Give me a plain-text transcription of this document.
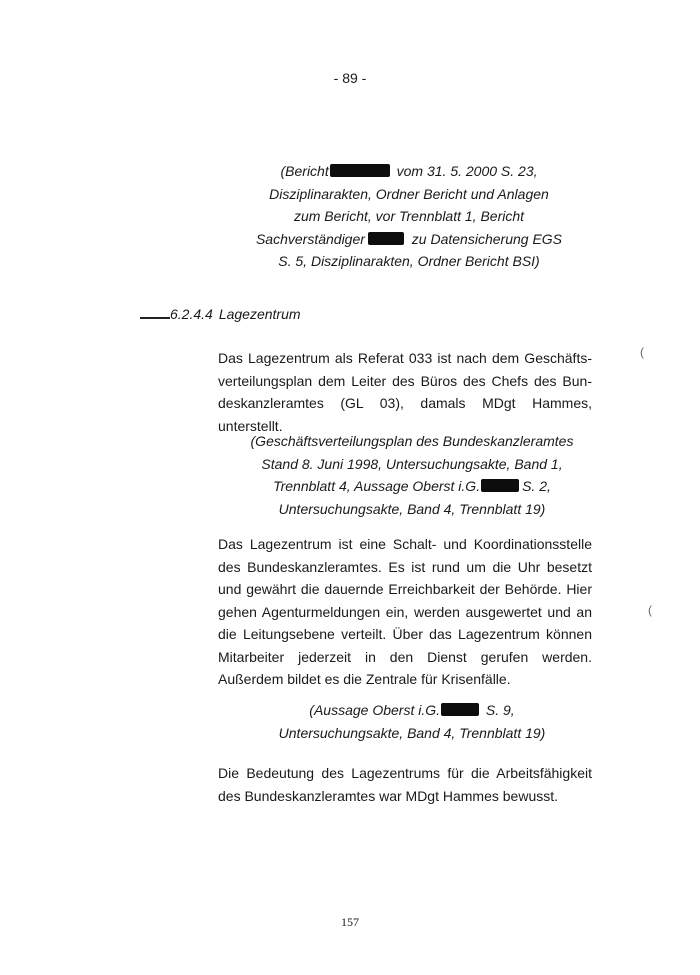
- 89 -
(Bericht	vom 31. 5. 2000 S. 23,
Disziplinarakten, Ordner Bericht und Anlagen
zum Bericht, vor Trennblatt 1, Bericht
Sachverständiger	zu Datensicherung EGS
S. 5, Disziplinarakten, Ordner Bericht BSI)
6.2.4.4 Lagezentrum
Das Lagezentrum als Referat 033 ist nach dem Geschäfts-verteilungsplan dem Leiter des Büros des Chefs des Bun-deskanzleramtes (GL 03), damals MDgt Hammes, unterstellt.
(Geschäftsverteilungsplan des Bundeskanzleramtes
Stand 8. Juni 1998, Untersuchungsakte, Band 1,
Trennblatt 4, Aussage Oberst i.G.	S. 2,
Untersuchungsakte, Band 4, Trennblatt 19)
Das Lagezentrum ist eine Schalt- und Koordinationsstelle des Bundeskanzleramtes. Es ist rund um die Uhr besetzt und gewährt die dauernde Erreichbarkeit der Behörde. Hier gehen Agenturmeldungen ein, werden ausgewertet und an die Leitungsebene verteilt. Über das Lagezentrum können Mitarbeiter jederzeit in den Dienst gerufen werden. Außerdem bildet es die Zentrale für Krisenfälle.
(Aussage Oberst i.G.	S. 9,
Untersuchungsakte, Band 4, Trennblatt 19)
Die Bedeutung des Lagezentrums für die Arbeitsfähigkeit des Bundeskanzleramtes war MDgt Hammes bewusst.
(
(
157
